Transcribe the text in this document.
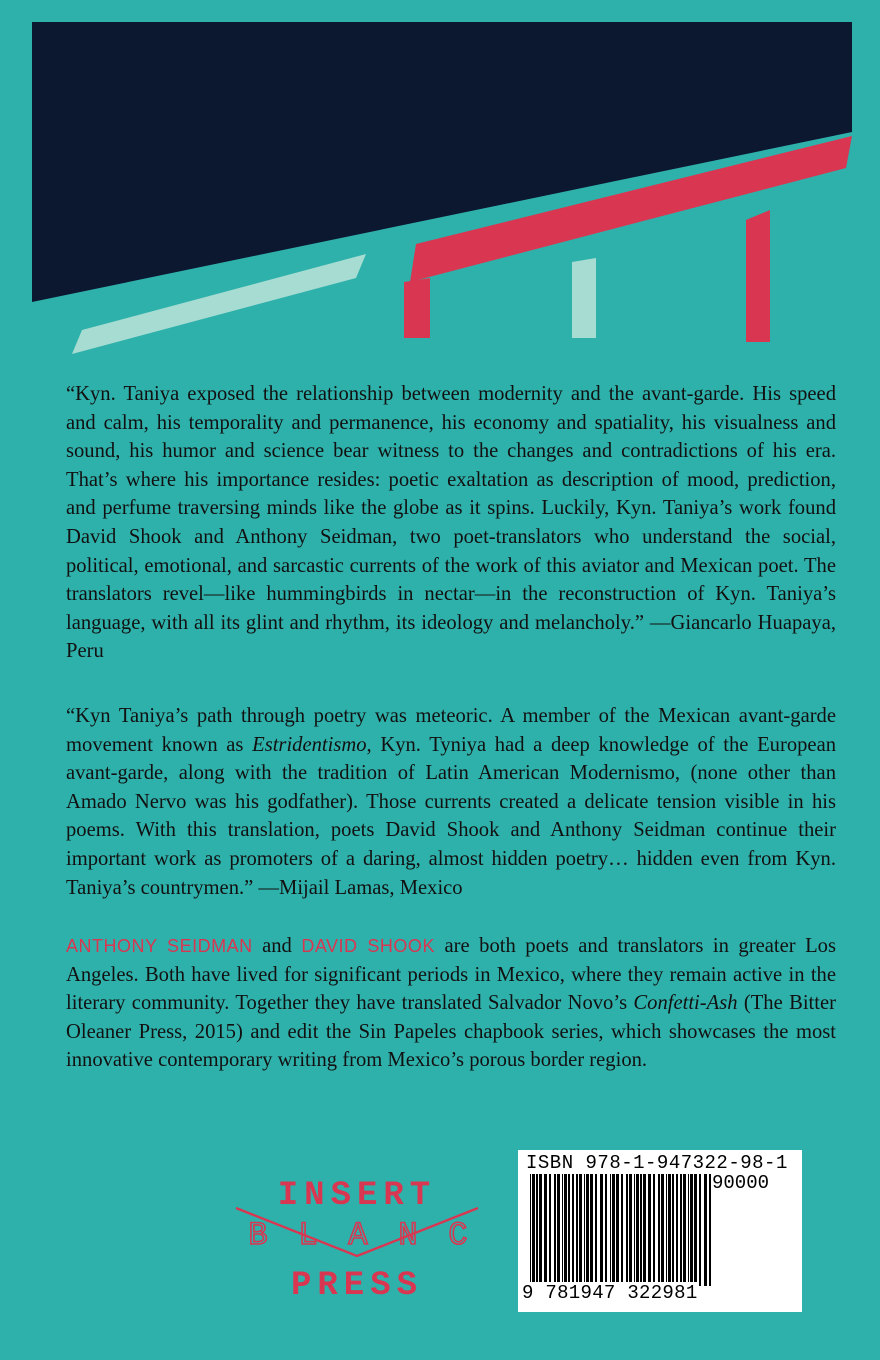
“Kyn. Taniya exposed the relationship between modernity and the avant-garde. His speed and calm, his temporality and permanence, his economy and spatiality, his visualness and sound, his humor and science bear witness to the changes and contradictions of his era. That’s where his importance resides: poetic exaltation as description of mood, prediction, and perfume traversing minds like the globe as it spins. Luckily, Kyn. Taniya’s work found David Shook and Anthony Seidman, two poet-translators who understand the social, political, emotional, and sarcastic currents of the work of this aviator and Mexican poet. The translators revel—like hummingbirds in nectar—in the reconstruction of Kyn. Taniya’s language, with all its glint and rhythm, its ideology and melancholy.” —Giancarlo Huapaya, Peru
“Kyn Taniya’s path through poetry was meteoric. A member of the Mexican avant-garde movement known as Estridentismo, Kyn. Tyniya had a deep knowledge of the European avant-garde, along with the tradition of Latin American Modernismo, (none other than Amado Nervo was his godfather). Those currents created a delicate tension visible in his poems. With this translation, poets David Shook and Anthony Seidman continue their important work as promoters of a daring, almost hidden poetry… hidden even from Kyn. Taniya’s countrymen.” —Mijail Lamas, Mexico
ANTHONY SEIDMAN and DAVID SHOOK are both poets and translators in greater Los Angeles. Both have lived for significant periods in Mexico, where they remain active in the literary community. Together they have translated Salvador Novo’s Confetti-Ash (The Bitter Oleaner Press, 2015) and edit the Sin Papeles chapbook series, which showcases the most innovative contemporary writing from Mexico’s porous border region.
INSERT
B L A N C
PRESS
ISBN 978-1-947322-98-1
90000
9 781947 322981
